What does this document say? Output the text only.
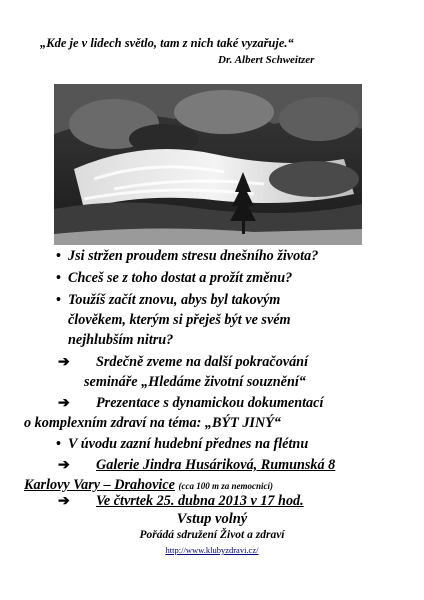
„Kde je v lidech světlo, tam z nich také vyzařuje.“
Dr. Albert Schweitzer
• Jsi stržen proudem stresu dnešního života?
• Chceš se z toho dostat a prožít změnu?
• Toužíš začít znovu, abys byl takovým
člověkem, kterým si přeješ být ve svém
nejhlubším nitru?
➔ Srdečně zveme na další pokračování
semináře „Hledáme životní souznění“
➔ Prezentace s dynamickou dokumentací
o komplexním zdraví na téma: „BÝT JINÝ“
• V úvodu zazní hudební přednes na flétnu
➔ Galerie Jindra Husáriková, Rumunská 8
Karlovy Vary – Drahovice (cca 100 m za nemocnicí)
➔ Ve čtvrtek 25. dubna 2013 v 17 hod.
Vstup volný
Pořádá sdružení Život a zdraví
http://www.klubyzdravi.cz/
